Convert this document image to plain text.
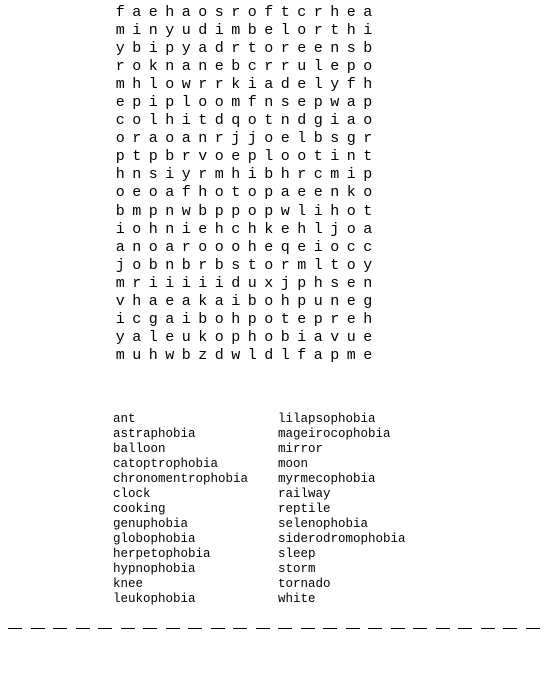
f a e h a o s r o f t c r h e a
m i n y u d i m b e l o r t h i
y b i p y a d r t o r e e n s b
r o k n a n e b c r r u l e p o
m h l o w r r k i a d e l y f h
e p i p l o o m f n s e p w a p
c o l h i t d q o t n d g i a o
o r a o a n r j j o e l b s g r
p t p b r v o e p l o o t i n t
h n s i y r m h i b h r c m i p
o e o a f h o t o p a e e n k o
b m p n w b p p o p w l i h o t
i o h n i e h c h k e h l j o a
a n o a r o o o h e q e i o c c
j o b n b r b s t o r m l t o y
m r i i i i i d u x j p h s e n
v h a e a k a i b o h p u n e g
i c g a i b o h p o t e p r e h
y a l e u k o p h o b i a v u e
m u h w b z d w l d l f a p m e
ant
astraphobia
balloon
catoptrophobia
chronomentrophobia
clock
cooking
genuphobia
globophobia
herpetophobia
hypnophobia
knee
leukophobia
lilapsophobia
mageirocophobia
mirror
moon
myrmecophobia
railway
reptile
selenophobia
siderodromophobia
sleep
storm
tornado
white
